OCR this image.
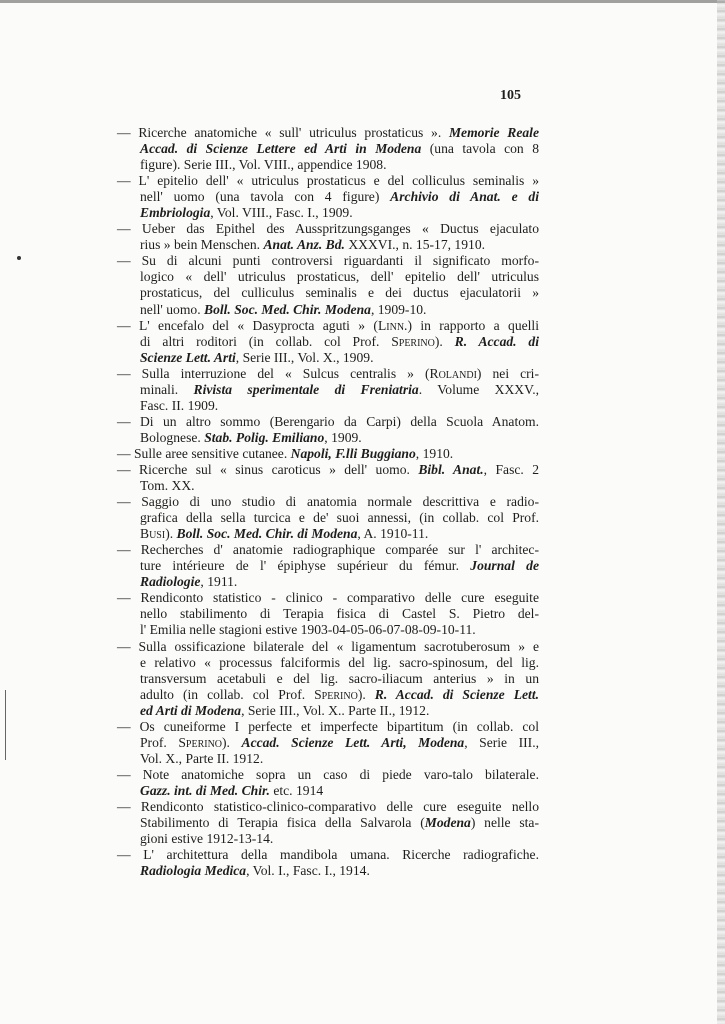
105
— Ricerche anatomiche « sull' utriculus prostaticus ». Memorie Reale
Accad. di Scienze Lettere ed Arti in Modena (una tavola con 8
figure). Serie III., Vol. VIII., appendice 1908.
— L' epitelio dell' « utriculus prostaticus e del colliculus seminalis »
nell' uomo (una tavola con 4 figure) Archivio di Anat. e di
Embriologia, Vol. VIII., Fasc. I., 1909.
— Ueber das Epithel des Ausspritzungsganges « Ductus ejaculato
rius » bein Menschen. Anat. Anz. Bd. XXXVI., n. 15-17, 1910.
— Su di alcuni punti controversi riguardanti il significato morfo-
logico « dell' utriculus prostaticus, dell' epitelio dell' utriculus
prostaticus, del culliculus seminalis e dei ductus ejaculatorii »
nell' uomo. Boll. Soc. Med. Chir. Modena, 1909-10.
— L' encefalo del « Dasyprocta aguti » (Linn.) in rapporto a quelli
di altri roditori (in collab. col Prof. Sperino). R. Accad. di
Scienze Lett. Arti, Serie III., Vol. X., 1909.
— Sulla interruzione del « Sulcus centralis » (Rolandi) nei cri-
minali. Rivista sperimentale di Freniatria. Volume XXXV.,
Fasc. II. 1909.
— Di un altro sommo (Berengario da Carpi) della Scuola Anatom.
Bolognese. Stab. Polig. Emiliano, 1909.
— Sulle aree sensitive cutanee. Napoli, F.lli Buggiano, 1910.
— Ricerche sul « sinus caroticus » dell' uomo. Bibl. Anat., Fasc. 2
Tom. XX.
— Saggio di uno studio di anatomia normale descrittiva e radio-
grafica della sella turcica e de' suoi annessi, (in collab. col Prof.
Busi). Boll. Soc. Med. Chir. di Modena, A. 1910-11.
— Recherches d' anatomie radiographique comparée sur l' architec-
ture intérieure de l' épiphyse supérieur du fémur. Journal de
Radiologie, 1911.
— Rendiconto statistico - clinico - comparativo delle cure eseguite
nello stabilimento di Terapia fisica di Castel S. Pietro del-
l' Emilia nelle stagioni estive 1903-04-05-06-07-08-09-10-11.
— Sulla ossificazione bilaterale del « ligamentum sacrotuberosum » e
e relativo « processus falciformis del lig. sacro-spinosum, del lig.
transversum acetabuli e del lig. sacro-iliacum anterius » in un
adulto (in collab. col Prof. Sperino). R. Accad. di Scienze Lett.
ed Arti di Modena, Serie III., Vol. X.. Parte II., 1912.
— Os cuneiforme I perfecte et imperfecte bipartitum (in collab. col
Prof. Sperino). Accad. Scienze Lett. Arti, Modena, Serie III.,
Vol. X., Parte II. 1912.
— Note anatomiche sopra un caso di piede varo-talo bilaterale.
Gazz. int. di Med. Chir. etc. 1914
— Rendiconto statistico-clinico-comparativo delle cure eseguite nello
Stabilimento di Terapia fisica della Salvarola (Modena) nelle sta-
gioni estive 1912-13-14.
— L' architettura della mandibola umana. Ricerche radiografiche.
Radiologia Medica, Vol. I., Fasc. I., 1914.
